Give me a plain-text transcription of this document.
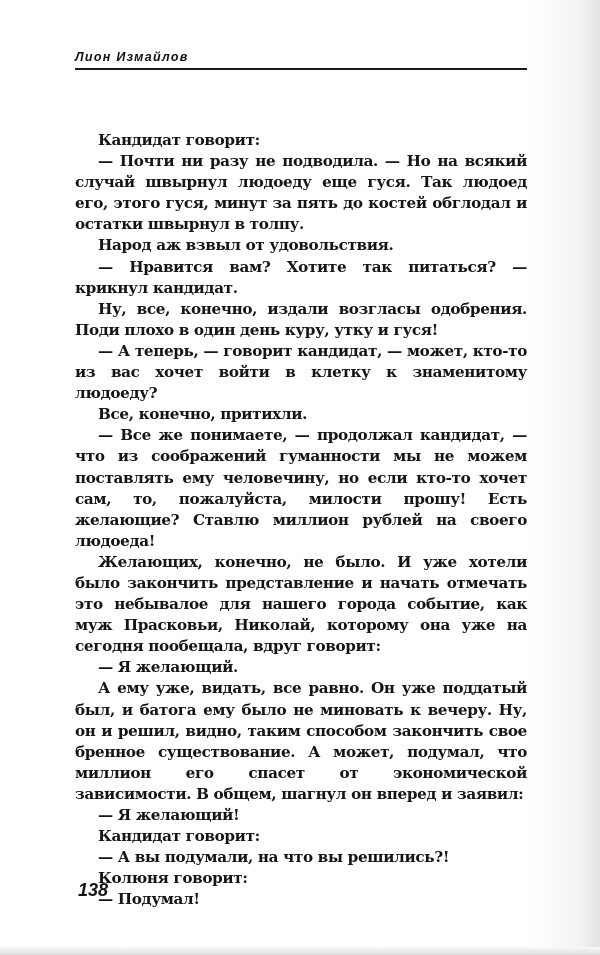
Лион Измайлов

Кандидат говорит:

— Почти ни разу не подводила. — Но на всякий случай швырнул людоеду еще гуся. Так людоед его, этого гуся, минут за пять до костей обглодал и остатки швырнул в толпу.

Народ аж взвыл от удовольствия.

— Нравится вам? Хотите так питаться? — крикнул кандидат.

Ну, все, конечно, издали возгласы одобрения. Поди плохо в один день куру, утку и гуся!

— А теперь, — говорит кандидат, — может, кто-то из вас хочет войти в клетку к знаменитому людоеду?

Все, конечно, притихли.

— Все же понимаете, — продолжал кандидат, — что из соображений гуманности мы не можем поставлять ему человечину, но если кто-то хочет сам, то, пожалуйста, милости прошу! Есть желающие? Ставлю миллион рублей на своего людоеда!

Желающих, конечно, не было. И уже хотели было закончить представление и начать отмечать это небывалое для нашего города событие, как муж Прасковьи, Николай, которому она уже на сегодня пообещала, вдруг говорит:

— Я желающий.

А ему уже, видать, все равно. Он уже поддатый был, и батога ему было не миновать к вечеру. Ну, он и решил, видно, таким способом закончить свое бренное существование. А может, подумал, что миллион его спасет от экономической зависимости. В общем, шагнул он вперед и заявил:

— Я желающий!

Кандидат говорит:

— А вы подумали, на что вы решились?!

Колюня говорит:

— Подумал!

138
